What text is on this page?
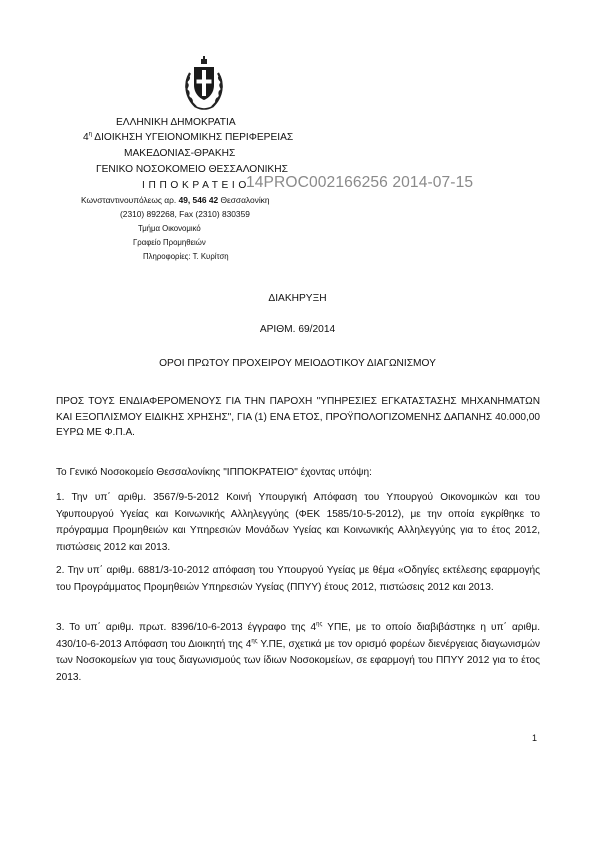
ΕΛΛΗΝΙΚΗ ΔΗΜΟΚΡΑΤΙΑ
$4^\eta$ ΔΙΟΙΚΗΣΗ ΥΓΕΙΟΝΟΜΙΚΗΣ ΠΕΡΙΦΕΡΕΙΑΣ
ΜΑΚΕΔΟΝΙΑΣ-ΘΡΑΚΗΣ
ΓΕΝΙΚΟ ΝΟΣΟΚΟΜΕΙΟ ΘΕΣΣΑΛΟΝΙΚΗΣ
Ι Π Π Ο Κ Ρ Α Τ Ε Ι Ο 14PROC002166256 2014-07-15
Κωνσταντινουπόλεως αρ. 49, 546 42 Θεσσαλονίκη
(2310) 892268, Fax (2310) 830359
Τμήμα Οικονομικό
Γραφείο Προμηθειών
Πληροφορίες: Τ. Κυρίτση
ΔΙΑΚΗΡΥΞΗ
ΑΡΙΘΜ. 69/2014
ΟΡΟΙ ΠΡΩΤΟΥ ΠΡΟΧΕΙΡΟΥ ΜΕΙΟΔΟΤΙΚΟΥ ΔΙΑΓΩΝΙΣΜΟΥ

ΠΡΟΣ ΤΟΥΣ ΕΝΔΙΑΦΕΡΟΜΕΝΟΥΣ ΓΙΑ ΤΗΝ ΠΑΡΟΧΗ "ΥΠΗΡΕΣΙΕΣ ΕΓΚΑΤΑΣΤΑΣΗΣ ΜΗΧΑΝΗΜΑΤΩΝ ΚΑΙ ΕΞΟΠΛΙΣΜΟΥ ΕΙΔΙΚΗΣ ΧΡΗΣΗΣ", ΓΙΑ (1) ΕΝΑ ΕΤΟΣ, ΠΡΟΫΠΟΛΟΓΙΖΟΜΕΝΗΣ ΔΑΠΑΝΗΣ 40.000,00 ΕΥΡΩ ΜΕ Φ.Π.Α.

Το Γενικό Νοσοκομείο Θεσσαλονίκης "ΙΠΠΟΚΡΑΤΕΙΟ" έχοντας υπόψη:

1. Την υπ΄ αριθμ. 3567/9-5-2012 Κοινή Υπουργική Απόφαση του Υπουργού Οικονομικών και του Υφυπουργού Υγείας και Κοινωνικής Αλληλεγγύης (ΦΕΚ 1585/10-5-2012), με την οποία εγκρίθηκε το πρόγραμμα Προμηθειών και Υπηρεσιών Μονάδων Υγείας και Κοινωνικής Αλληλεγγύης για το έτος 2012, πιστώσεις 2012 και 2013.

2. Την υπ΄ αριθμ. 6881/3-10-2012 απόφαση του Υπουργού Υγείας με θέμα «Οδηγίες εκτέλεσης εφαρμογής του Προγράμματος Προμηθειών Υπηρεσιών Υγείας (ΠΠΥΥ) έτους 2012, πιστώσεις 2012 και 2013.

3. Το υπ΄ αριθμ. πρωτ. 8396/10-6-2013 έγγραφο της $4^{\eta\varsigma}$ ΥΠΕ, με το οποίο διαβιβάστηκε η υπ΄ αριθμ. 430/10-6-2013 Απόφαση του Διοικητή της $4^{\eta\varsigma}$ Υ.ΠΕ, σχετικά με τον ορισμό φορέων διενέργειας διαγωνισμών των Νοσοκομείων για τους διαγωνισμούς των ίδιων Νοσοκομείων, σε εφαρμογή του ΠΠΥΥ 2012 για το έτος 2013.

1
